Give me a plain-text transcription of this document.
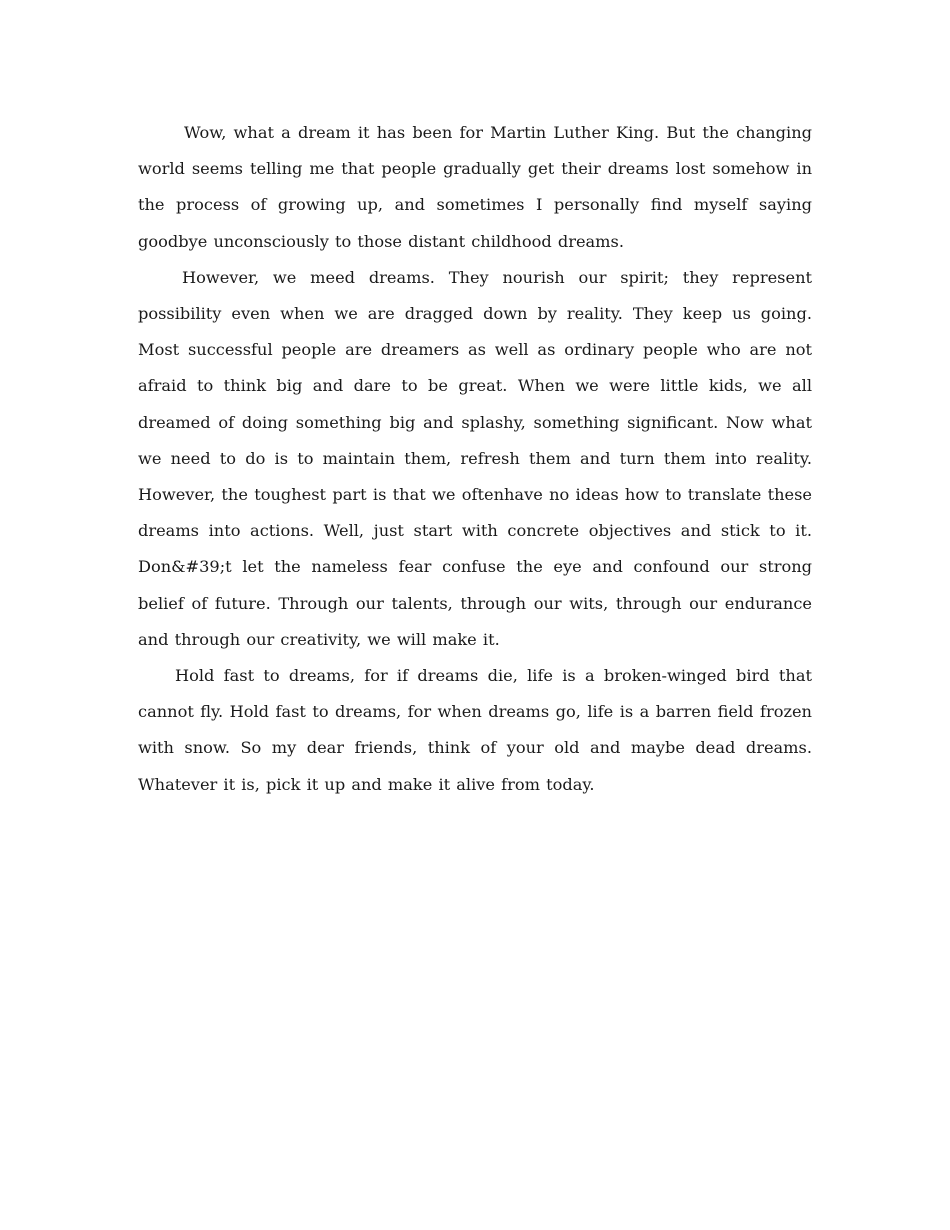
Wow, what a dream it has been for Martin Luther King. But the changing world seems telling me that people gradually get their dreams lost somehow in the process of growing up, and sometimes I personally find myself saying goodbye unconsciously to those distant childhood dreams.

However, we meed dreams. They nourish our spirit; they represent possibility even when we are dragged down by reality. They keep us going. Most successful people are dreamers as well as ordinary people who are not afraid to think big and dare to be great. When we were little kids, we all dreamed of doing something big and splashy, something significant. Now what we need to do is to maintain them, refresh them and turn them into reality. However, the toughest part is that we oftenhave no ideas how to translate these dreams into actions. Well, just start with concrete objectives and stick to it. Don&#39;t let the nameless fear confuse the eye and confound our strong belief of future. Through our talents, through our wits, through our endurance and through our creativity, we will make it.

Hold fast to dreams, for if dreams die, life is a broken-winged bird that cannot fly. Hold fast to dreams, for when dreams go, life is a barren field frozen with snow. So my dear friends, think of your old and maybe dead dreams. Whatever it is, pick it up and make it alive from today.
